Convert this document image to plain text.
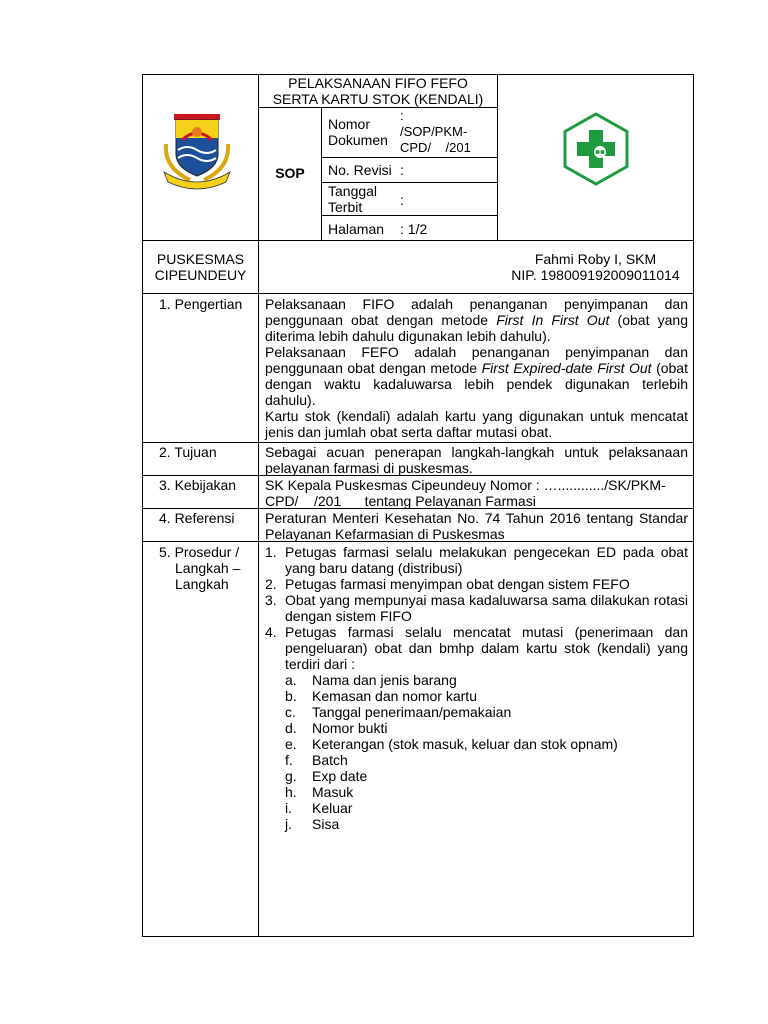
PELAKSANAAN FIFO FEFO
SERTA KARTU STOK (KENDALI)
SOP
Nomor
Dokumen
:
/SOP/PKM-
CPD/    /201
No. Revisi :
Tanggal
Terbit	:
Halaman : 1/2
PUSKESMAS
CIPEUNDEUY
Fahmi Roby I, SKM
NIP. 198009192009011014
1. Pengertian
2. Tujuan
3. Kebijakan
4. Referensi
5. Prosedur /
Langkah –
Langkah
Pelaksanaan FIFO adalah penanganan penyimpanan dan penggunaan obat dengan metode First In First Out (obat yang diterima lebih dahulu digunakan lebih dahulu).
Pelaksanaan FEFO adalah penanganan penyimpanan dan penggunaan obat dengan metode First Expired-date First Out (obat dengan waktu kadaluwarsa lebih pendek digunakan terlebih dahulu).
Kartu stok (kendali) adalah kartu yang digunakan untuk mencatat jenis dan jumlah obat serta daftar mutasi obat.
Sebagai acuan penerapan langkah-langkah untuk pelaksanaan pelayanan farmasi di puskesmas.
SK Kepala Puskesmas Cipeundeuy Nomor : …............/SK/PKM-
CPD/    /201      tentang Pelayanan Farmasi
Peraturan Menteri Kesehatan No. 74 Tahun 2016 tentang Standar Pelayanan Kefarmasian di Puskesmas
1. Petugas farmasi selalu melakukan pengecekan ED pada obat yang baru datang (distribusi)
2. Petugas farmasi menyimpan obat dengan sistem FEFO
3. Obat yang mempunyai masa kadaluwarsa sama dilakukan rotasi dengan sistem FIFO
4. Petugas farmasi selalu mencatat mutasi (penerimaan dan pengeluaran) obat dan bmhp dalam kartu stok (kendali) yang terdiri dari :
a. Nama dan jenis barang
b. Kemasan dan nomor kartu
c. Tanggal penerimaan/pemakaian
d. Nomor bukti
e. Keterangan (stok masuk, keluar dan stok opnam)
f. Batch
g. Exp date
h. Masuk
i. Keluar
j. Sisa
